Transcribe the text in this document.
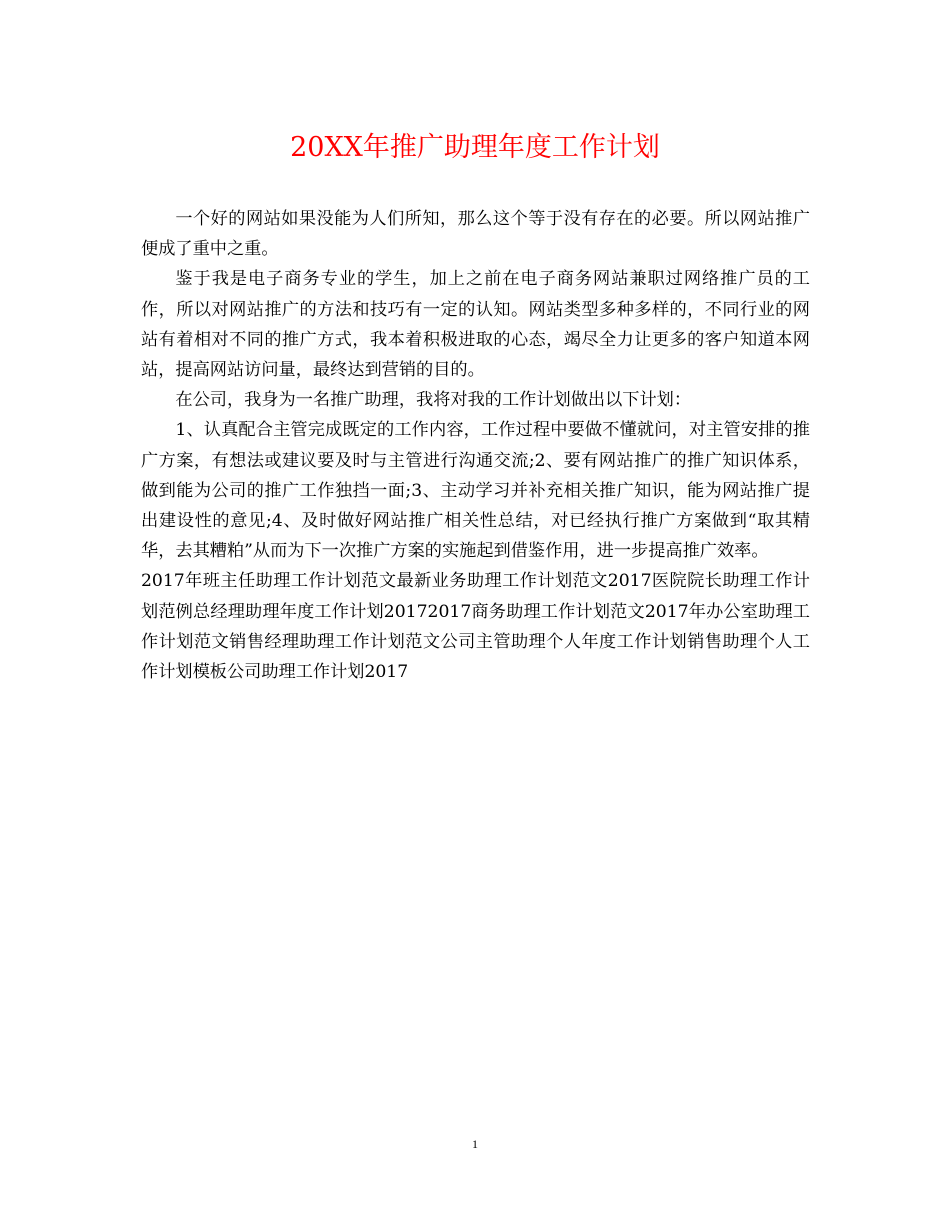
20XX年推广助理年度工作计划

一个好的网站如果没能为人们所知，那么这个等于没有存在的必要。所以网站推广便成了重中之重。

鉴于我是电子商务专业的学生，加上之前在电子商务网站兼职过网络推广员的工作，所以对网站推广的方法和技巧有一定的认知。网站类型多种多样的，不同行业的网站有着相对不同的推广方式，我本着积极进取的心态，竭尽全力让更多的客户知道本网站，提高网站访问量，最终达到营销的目的。

在公司，我身为一名推广助理，我将对我的工作计划做出以下计划：

1、认真配合主管完成既定的工作内容，工作过程中要做不懂就问，对主管安排的推广方案，有想法或建议要及时与主管进行沟通交流;2、要有网站推广的推广知识体系，做到能为公司的推广工作独挡一面;3、主动学习并补充相关推广知识，能为网站推广提出建设性的意见;4、及时做好网站推广相关性总结，对已经执行推广方案做到“取其精华，去其糟粕”从而为下一次推广方案的实施起到借鉴作用，进一步提高推广效率。

2017年班主任助理工作计划范文最新业务助理工作计划范文2017医院院长助理工作计划范例总经理助理年度工作计划20172017商务助理工作计划范文2017年办公室助理工作计划范文销售经理助理工作计划范文公司主管助理个人年度工作计划销售助理个人工作计划模板公司助理工作计划2017

1
